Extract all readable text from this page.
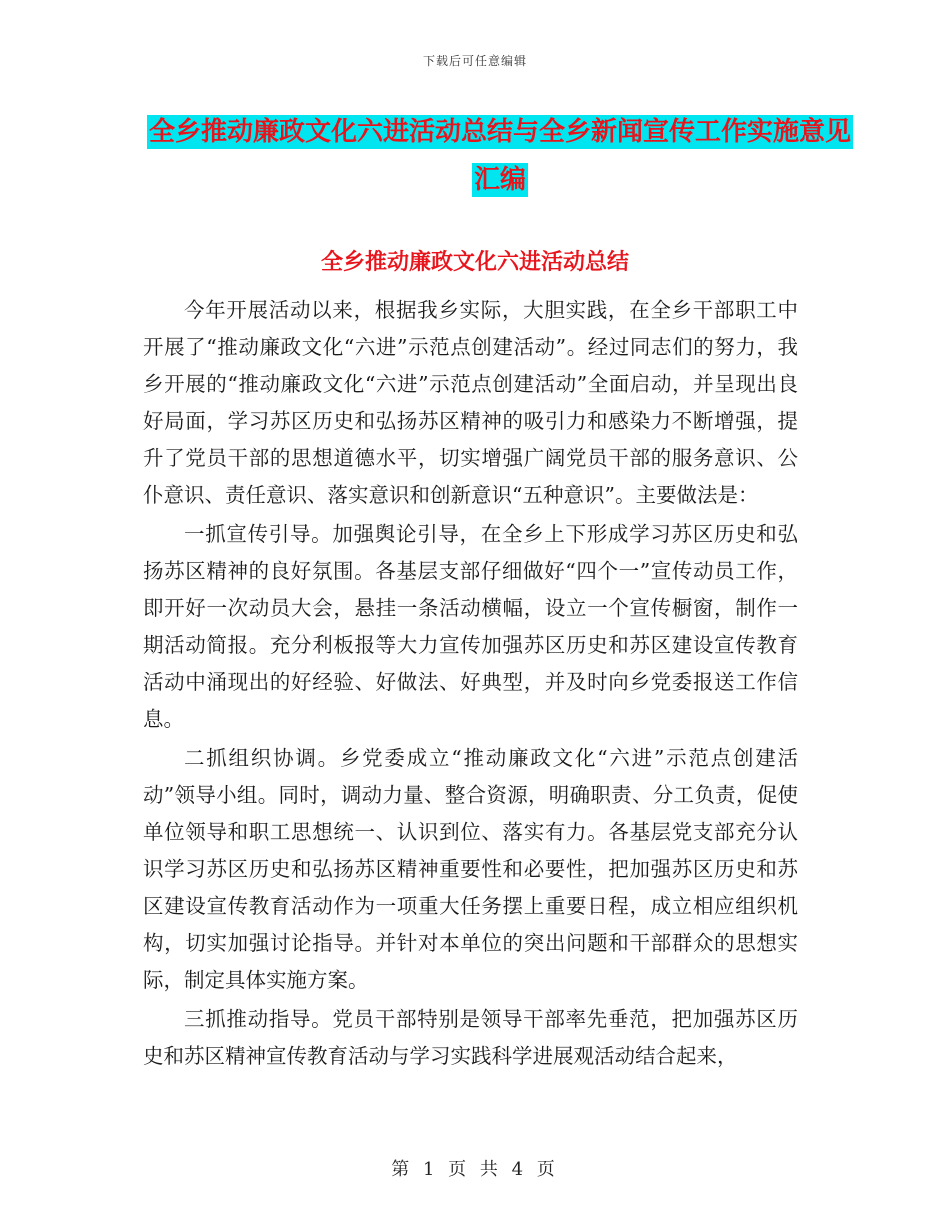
下载后可任意编辑
全乡推动廉政文化六进活动总结与全乡新闻宣传工作实施意见汇编
全乡推动廉政文化六进活动总结

今年开展活动以来，根据我乡实际，大胆实践，在全乡干部职工中开展了“推动廉政文化“六进”示范点创建活动”。经过同志们的努力，我乡开展的“推动廉政文化“六进”示范点创建活动”全面启动，并呈现出良好局面，学习苏区历史和弘扬苏区精神的吸引力和感染力不断增强，提升了党员干部的思想道德水平，切实增强广阔党员干部的服务意识、公仆意识、责任意识、落实意识和创新意识“五种意识”。主要做法是：

一抓宣传引导。加强舆论引导，在全乡上下形成学习苏区历史和弘扬苏区精神的良好氛围。各基层支部仔细做好“四个一”宣传动员工作，即开好一次动员大会，悬挂一条活动横幅，设立一个宣传橱窗，制作一期活动简报。充分利板报等大力宣传加强苏区历史和苏区建设宣传教育活动中涌现出的好经验、好做法、好典型，并及时向乡党委报送工作信息。

二抓组织协调。乡党委成立“推动廉政文化“六进”示范点创建活动”领导小组。同时，调动力量、整合资源，明确职责、分工负责，促使单位领导和职工思想统一、认识到位、落实有力。各基层党支部充分认识学习苏区历史和弘扬苏区精神重要性和必要性，把加强苏区历史和苏区建设宣传教育活动作为一项重大任务摆上重要日程，成立相应组织机构，切实加强讨论指导。并针对本单位的突出问题和干部群众的思想实际，制定具体实施方案。

三抓推动指导。党员干部特别是领导干部率先垂范，把加强苏区历史和苏区精神宣传教育活动与学习实践科学进展观活动结合起来，

第 1 页 共 4 页
